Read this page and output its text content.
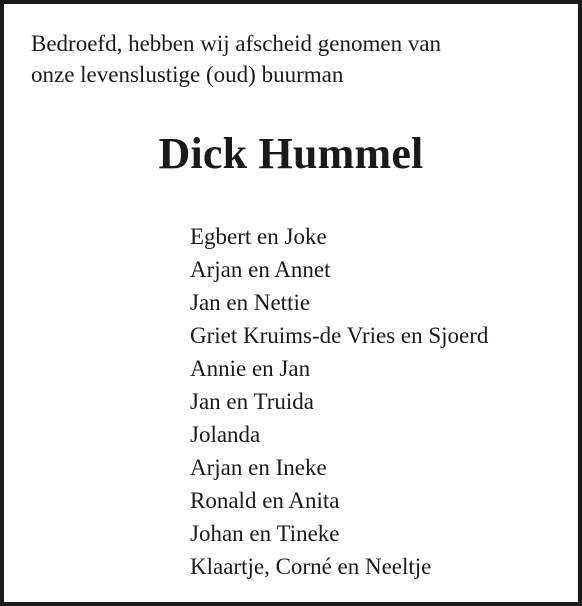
Bedroefd, hebben wij afscheid genomen van
onze levenslustige (oud) buurman

Dick Hummel
Egbert en Joke
Arjan en Annet
Jan en Nettie
Griet Kruims-de Vries en Sjoerd
Annie en Jan
Jan en Truida
Jolanda
Arjan en Ineke
Ronald en Anita
Johan en Tineke
Klaartje, Corné en Neeltje
